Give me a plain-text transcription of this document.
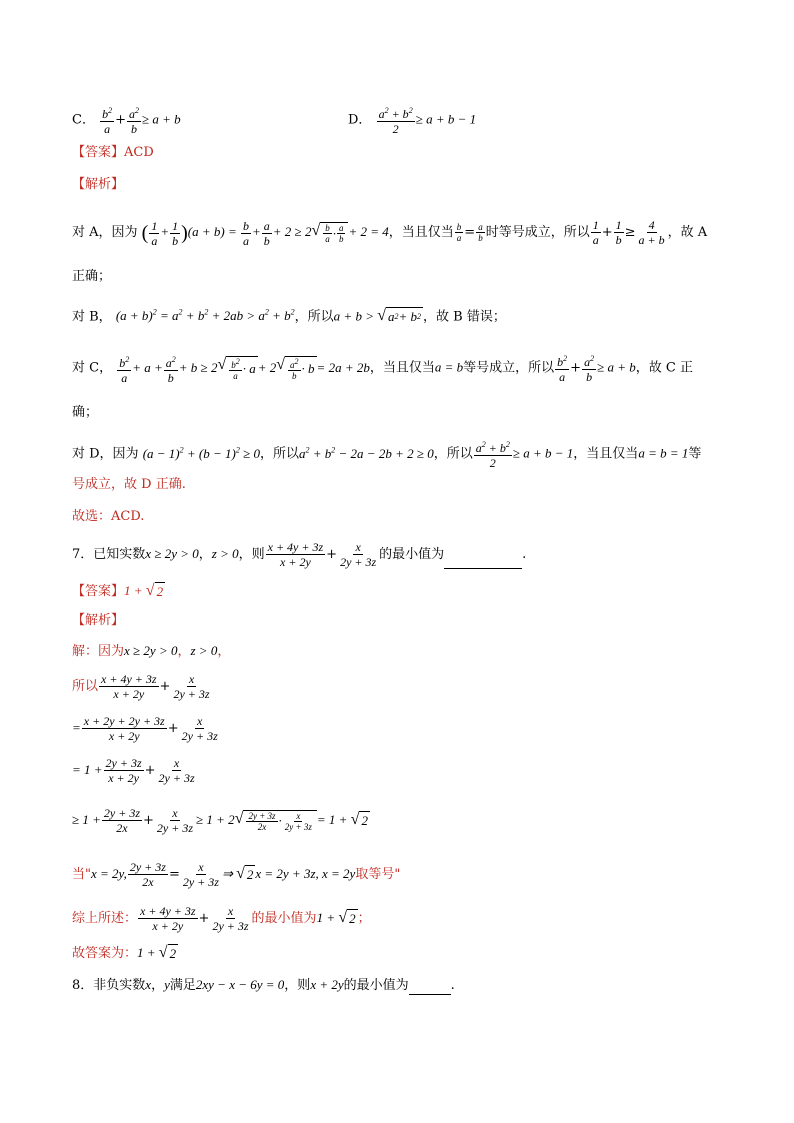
C． $\frac{b^2}{a} + \frac{a^2}{b} \ge a + b$	D． $\frac{a^2 + b^2}{2} \ge a + b - 1$
【答案】ACD
【解析】
对 A，因为 ( $\frac{1}{a} + \frac{1}{b} )(a + b) = \frac{b}{a} + \frac{a}{b} + 2 \ge 2$ √ $\frac{b}{a} \cdot \frac{a}{b} + 2 = 4$，当且仅当 $\frac{b}{a} = \frac{a}{b}$ 时等号成立，所以 $\frac{1}{a} + \frac{1}{b} \ge \frac{4}{a + b}$ ，故 A
正确；
对 B， $(a + b)^2 = a^2 + b^2 + 2ab > a^2 + b^2$，所以a + b > √ a 2 + b 2 ，故 B 错误；
对 C， $\frac{b^2}{a} + a + \frac{a^2}{b} + b \ge 2$ √ $\frac{b^2}{a} \cdot a + 2$ √ $\frac{a^2}{b} \cdot b = 2a + 2b$，当且仅当a = b等号成立，所以 $\frac{b^2}{a} + \frac{a^2}{b} \ge a + b$，故 C 正
确；
对 D，因为 $(a - 1)^2 + (b - 1)^2 \ge 0$，所以$a^2 + b^2 - 2a - 2b + 2 \ge 0$，所以 $\frac{a^2 + b^2}{2} \ge a + b - 1$，当且仅当a = b = 1等
号成立，故 D 正确.
故选：ACD.
7．已知实数x ≥ 2y > 0，z > 0，则 $\frac{x + 4y + 3z}{x + 2y} + \frac{x}{2y + 3z}$ 的最小值为	.
【答案】1 + √ 2
【解析】
解：因为x ≥ 2y > 0，z > 0，
所以 $\frac{x + 4y + 3z}{x + 2y} + \frac{x}{2y + 3z}$
= $\frac{x + 2y + 2y + 3z}{x + 2y} + \frac{x}{2y + 3z}$
= $1 + \frac{2y + 3z}{x + 2y} + \frac{x}{2y + 3z}$
≥ $1 + \frac{2y + 3z}{2x} + \frac{x}{2y + 3z} \ge 1 + 2$ √ $\frac{2y + 3z}{2x} \cdot \frac{x}{2y + 3z} = 1$ + √ 2
当"x = 2y, $\frac{2y + 3z}{2x} = \frac{x}{2y + 3z}$ ⇒ √ 2 x = 2y + 3z, x = 2y取等号"
综上所述： $\frac{x + 4y + 3z}{x + 2y} + \frac{x}{2y + 3z}$ 的最小值为1 + √ 2 ；
故答案为：1 + √ 2
8．非负实数x，y满足2xy − x − 6y = 0，则x + 2y的最小值为	.
